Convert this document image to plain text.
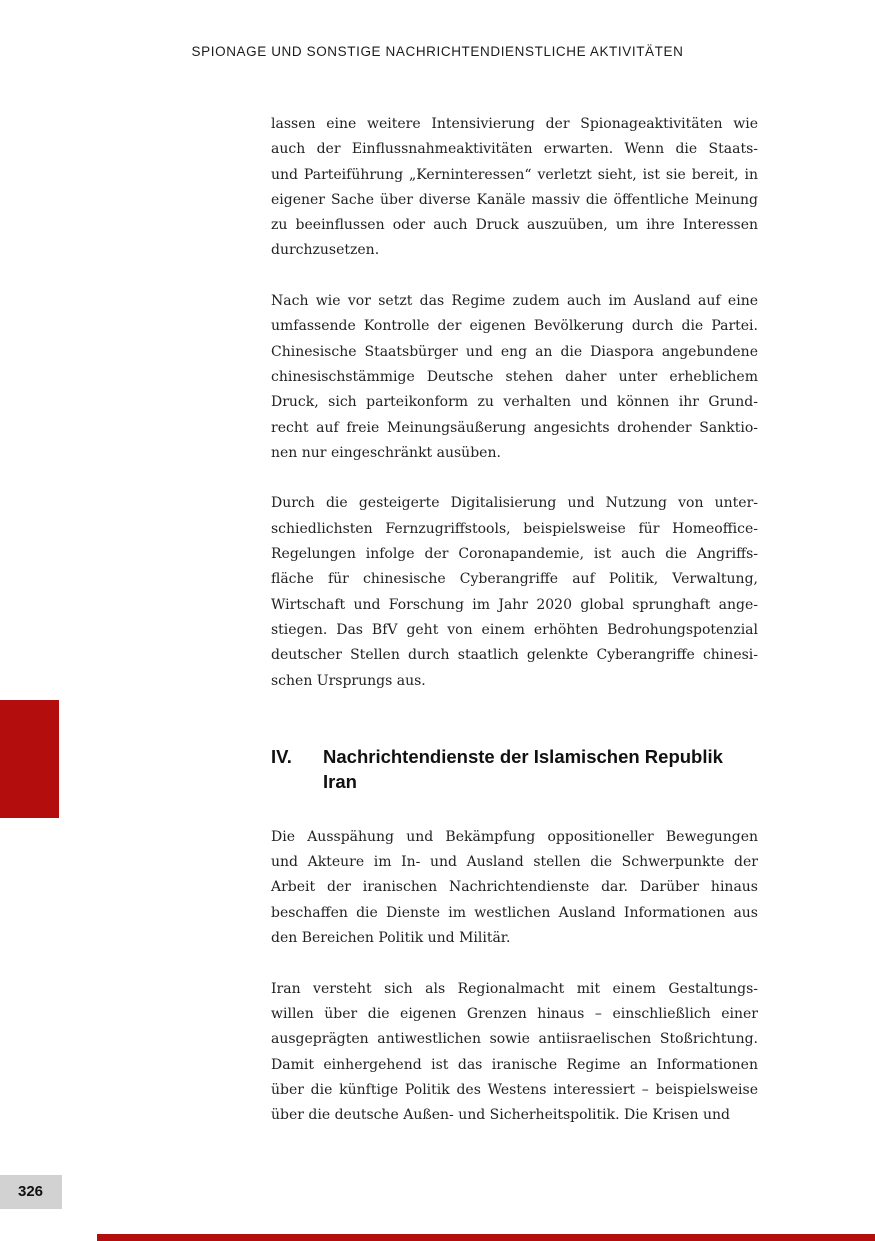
SPIONAGE UND SONSTIGE NACHRICHTENDIENSTLICHE AKTIVITÄTEN
lassen eine weitere Intensivierung der Spionageaktivitäten wie
auch der Einflussnahmeaktivitäten erwarten. Wenn die Staats-
und Parteiführung „Kerninteressen“ verletzt sieht, ist sie bereit, in
eigener Sache über diverse Kanäle massiv die öffentliche Meinung
zu beeinflussen oder auch Druck auszuüben, um ihre Interessen
durchzusetzen.
Nach wie vor setzt das Regime zudem auch im Ausland auf eine
umfassende Kontrolle der eigenen Bevölkerung durch die Partei.
Chinesische Staatsbürger und eng an die Diaspora angebundene
chinesischstämmige Deutsche stehen daher unter erheblichem
Druck, sich parteikonform zu verhalten und können ihr Grund-
recht auf freie Meinungsäußerung angesichts drohender Sanktio-
nen nur eingeschränkt ausüben.
Durch die gesteigerte Digitalisierung und Nutzung von unter-
schiedlichsten Fernzugriffstools, beispielsweise für Homeoffice-
Regelungen infolge der Coronapandemie, ist auch die Angriffs-
fläche für chinesische Cyberangriffe auf Politik, Verwaltung,
Wirtschaft und Forschung im Jahr 2020 global sprunghaft ange-
stiegen. Das BfV geht von einem erhöhten Bedrohungspotenzial
deutscher Stellen durch staatlich gelenkte Cyberangriffe chinesi-
schen Ursprungs aus.
IV.	Nachrichtendienste der Islamischen Republik
Iran
Die Ausspähung und Bekämpfung oppositioneller Bewegungen
und Akteure im In- und Ausland stellen die Schwerpunkte der
Arbeit der iranischen Nachrichtendienste dar. Darüber hinaus
beschaffen die Dienste im westlichen Ausland Informationen aus
den Bereichen Politik und Militär.
Iran versteht sich als Regionalmacht mit einem Gestaltungs-
willen über die eigenen Grenzen hinaus – einschließlich einer
ausgeprägten antiwestlichen sowie antiisraelischen Stoßrichtung.
Damit einhergehend ist das iranische Regime an Informationen
über die künftige Politik des Westens interessiert – beispielsweise
über die deutsche Außen- und Sicherheitspolitik. Die Krisen und
326
